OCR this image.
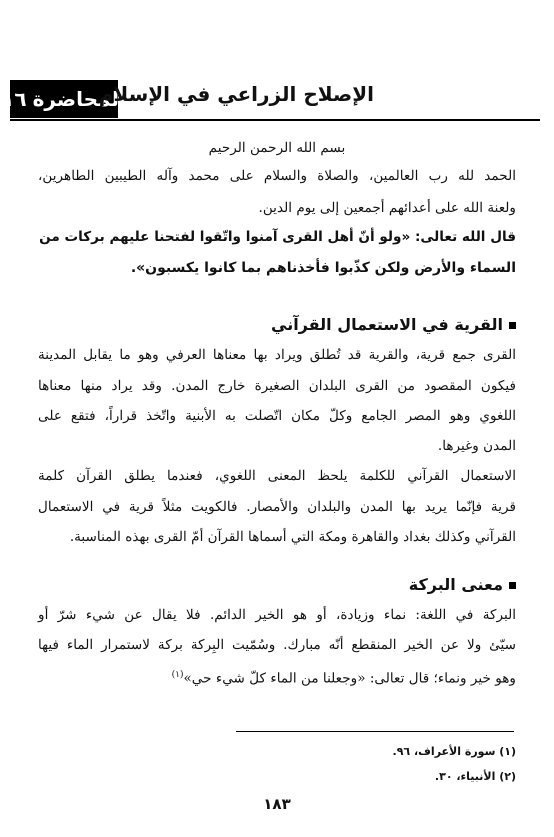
المحاضرة
١٦	الإصلاح الزراعي في الإسلام
بسم الله الرحمن الرحيم
الحمد لله رب العالمين، والصلاة والسلام على محمد وآله الطيبين الطاهرين،
ولعنة الله على أعدائهم أجمعين إلى يوم الدين.
قال الله تعالى: «ولو أنّ أهل القرى آمنوا واتّقوا لفتحنا عليهم بركات من
السماء والأرض ولكن كذّبوا فأخذناهم بما كانوا يكسبون».
القرية في الاستعمال القرآني
القرى جمع قرية، والقرية قد تُطلق ويراد بها معناها العرفي وهو ما يقابل المدينة
فيكون المقصود من القرى البلدان الصغيرة خارج المدن. وقد يراد منها معناها
اللغوي وهو المصر الجامع وكلّ مكان اتّصلت به الأبنية واتّخذ قراراً، فتقع على
المدن وغيرها.
الاستعمال القرآني للكلمة يلحظ المعنى اللغوي، فعندما يطلق القرآن كلمة
قرية فإنّما يريد بها المدن والبلدان والأمصار. فالكويت مثلاً قرية في الاستعمال
القرآني وكذلك بغداد والقاهرة ومكة التي أسماها القرآن أمّ القرى بهذه المناسبة.
معنى البركة
البركة في اللغة: نماء وزيادة، أو هو الخير الدائم. فلا يقال عن شيء شرّ أو
سيّئ ولا عن الخير المنقطع أنّه مبارك. وسُمّيت البِركة بركة لاستمرار الماء فيها
وهو خير ونماء؛ قال تعالى: «وجعلنا من الماء كلّ شيء حي»$^{(١)}$
(١) سورة الأعراف، ٩٦.
(٢) الأنبياء، ٣٠.
١٨٣
